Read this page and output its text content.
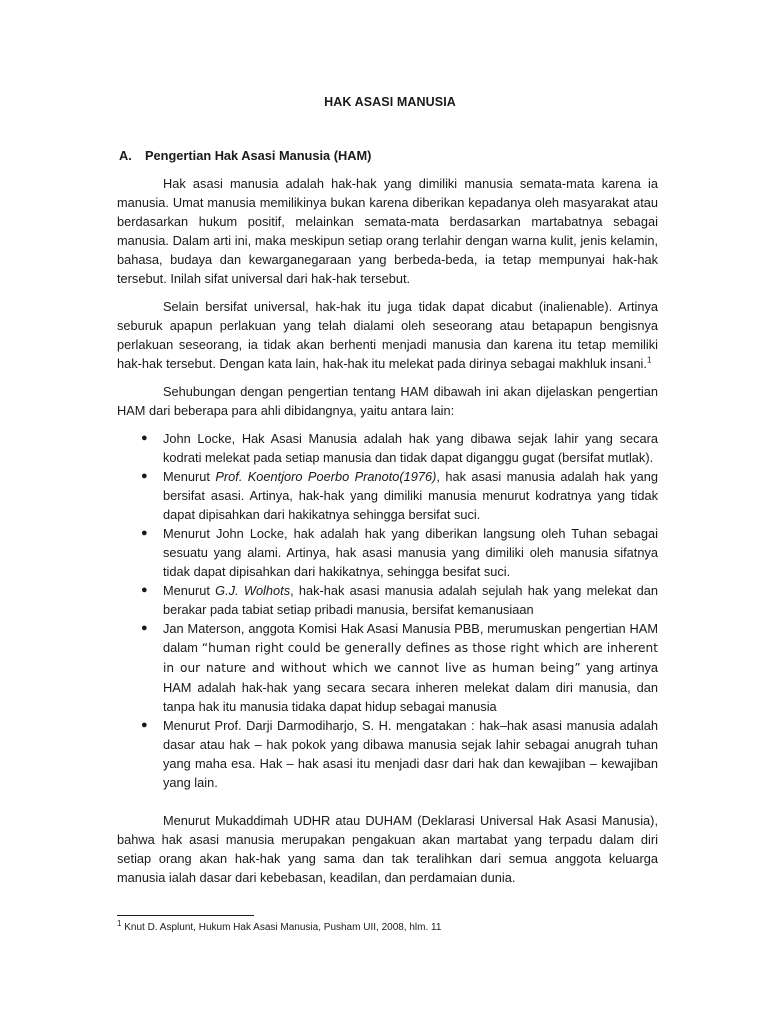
HAK ASASI MANUSIA
A.	Pengertian Hak Asasi Manusia (HAM)

Hak asasi manusia adalah hak-hak yang dimiliki manusia semata-mata karena ia manusia. Umat manusia memilikinya bukan karena diberikan kepadanya oleh masyarakat atau berdasarkan hukum positif, melainkan semata-mata berdasarkan martabatnya sebagai manusia. Dalam arti ini, maka meskipun setiap orang terlahir dengan warna kulit, jenis kelamin, bahasa, budaya dan kewarganegaraan yang berbeda-beda, ia tetap mempunyai hak-hak tersebut. Inilah sifat universal dari hak-hak tersebut.

Selain bersifat universal, hak-hak itu juga tidak dapat dicabut (inalienable). Artinya seburuk apapun perlakuan yang telah dialami oleh seseorang atau betapapun bengisnya perlakuan seseorang, ia tidak akan berhenti menjadi manusia dan karena itu tetap memiliki hak-hak tersebut. Dengan kata lain, hak-hak itu melekat pada dirinya sebagai makhluk insani.$^1$

Sehubungan dengan pengertian tentang HAM dibawah ini akan dijelaskan pengertian HAM dari beberapa para ahli dibidangnya, yaitu antara lain:

● John Locke, Hak Asasi Manusia adalah hak yang dibawa sejak lahir yang secara kodrati melekat pada setiap manusia dan tidak dapat diganggu gugat (bersifat mutlak).
● Menurut Prof. Koentjoro Poerbo Pranoto(1976), hak asasi manusia adalah hak yang bersifat asasi. Artinya, hak-hak yang dimiliki manusia menurut kodratnya yang tidak dapat dipisahkan dari hakikatnya sehingga bersifat suci.
● Menurut John Locke, hak adalah hak yang diberikan langsung oleh Tuhan sebagai sesuatu yang alami. Artinya, hak asasi manusia yang dimiliki oleh manusia sifatnya tidak dapat dipisahkan dari hakikatnya, sehingga besifat suci.
● Menurut G.J. Wolhots, hak-hak asasi manusia adalah sejulah hak yang melekat dan berakar pada tabiat setiap pribadi manusia, bersifat kemanusiaan
● Jan Materson, anggota Komisi Hak Asasi Manusia PBB, merumuskan pengertian HAM dalam “human right could be generally defines as those right which are inherent in our nature and without which we cannot live as human being” yang artinya HAM adalah hak-hak yang secara secara inheren melekat dalam diri manusia, dan tanpa hak itu manusia tidaka dapat hidup sebagai manusia
● Menurut Prof. Darji Darmodiharjo, S. H. mengatakan : hak–hak asasi manusia adalah dasar atau hak – hak pokok yang dibawa manusia sejak lahir sebagai anugrah tuhan yang maha esa. Hak – hak asasi itu menjadi dasr dari hak dan kewajiban – kewajiban yang lain.

Menurut Mukaddimah UDHR atau DUHAM (Deklarasi Universal Hak Asasi Manusia), bahwa hak asasi manusia merupakan pengakuan akan martabat yang terpadu dalam diri setiap orang akan hak-hak yang sama dan tak teralihkan dari semua anggota keluarga manusia ialah dasar dari kebebasan, keadilan, dan perdamaian dunia.

$^1$ Knut D. Asplunt, Hukum Hak Asasi Manusia, Pusham UII, 2008, hlm. 11
